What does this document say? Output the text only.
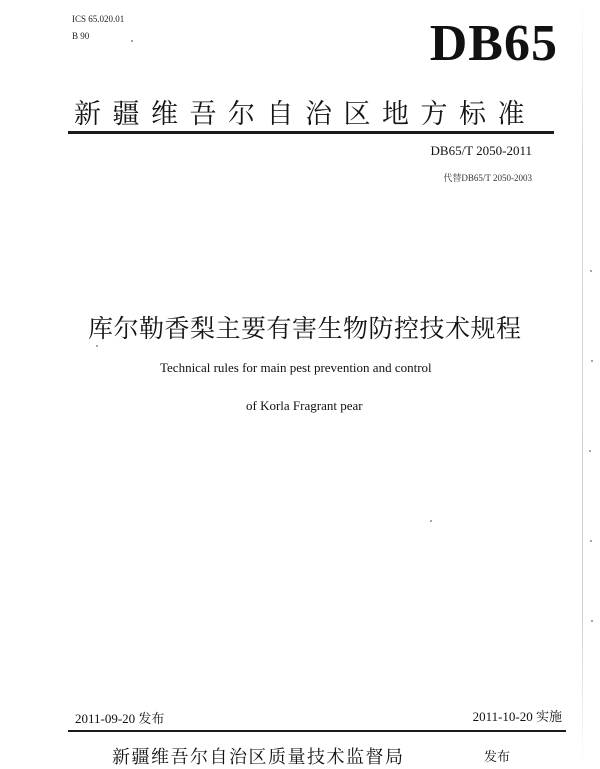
ICS 65.020.01
B 90	DB65
新疆维吾尔自治区地方标准
DB65/T 2050-2011
代替DB65/T 2050-2003
库尔勒香梨主要有害生物防控技术规程
Technical rules for main pest prevention and control
of Korla Fragrant pear
2011-09-20 发布	2011-10-20 实施
新疆维吾尔自治区质量技术监督局	发布
